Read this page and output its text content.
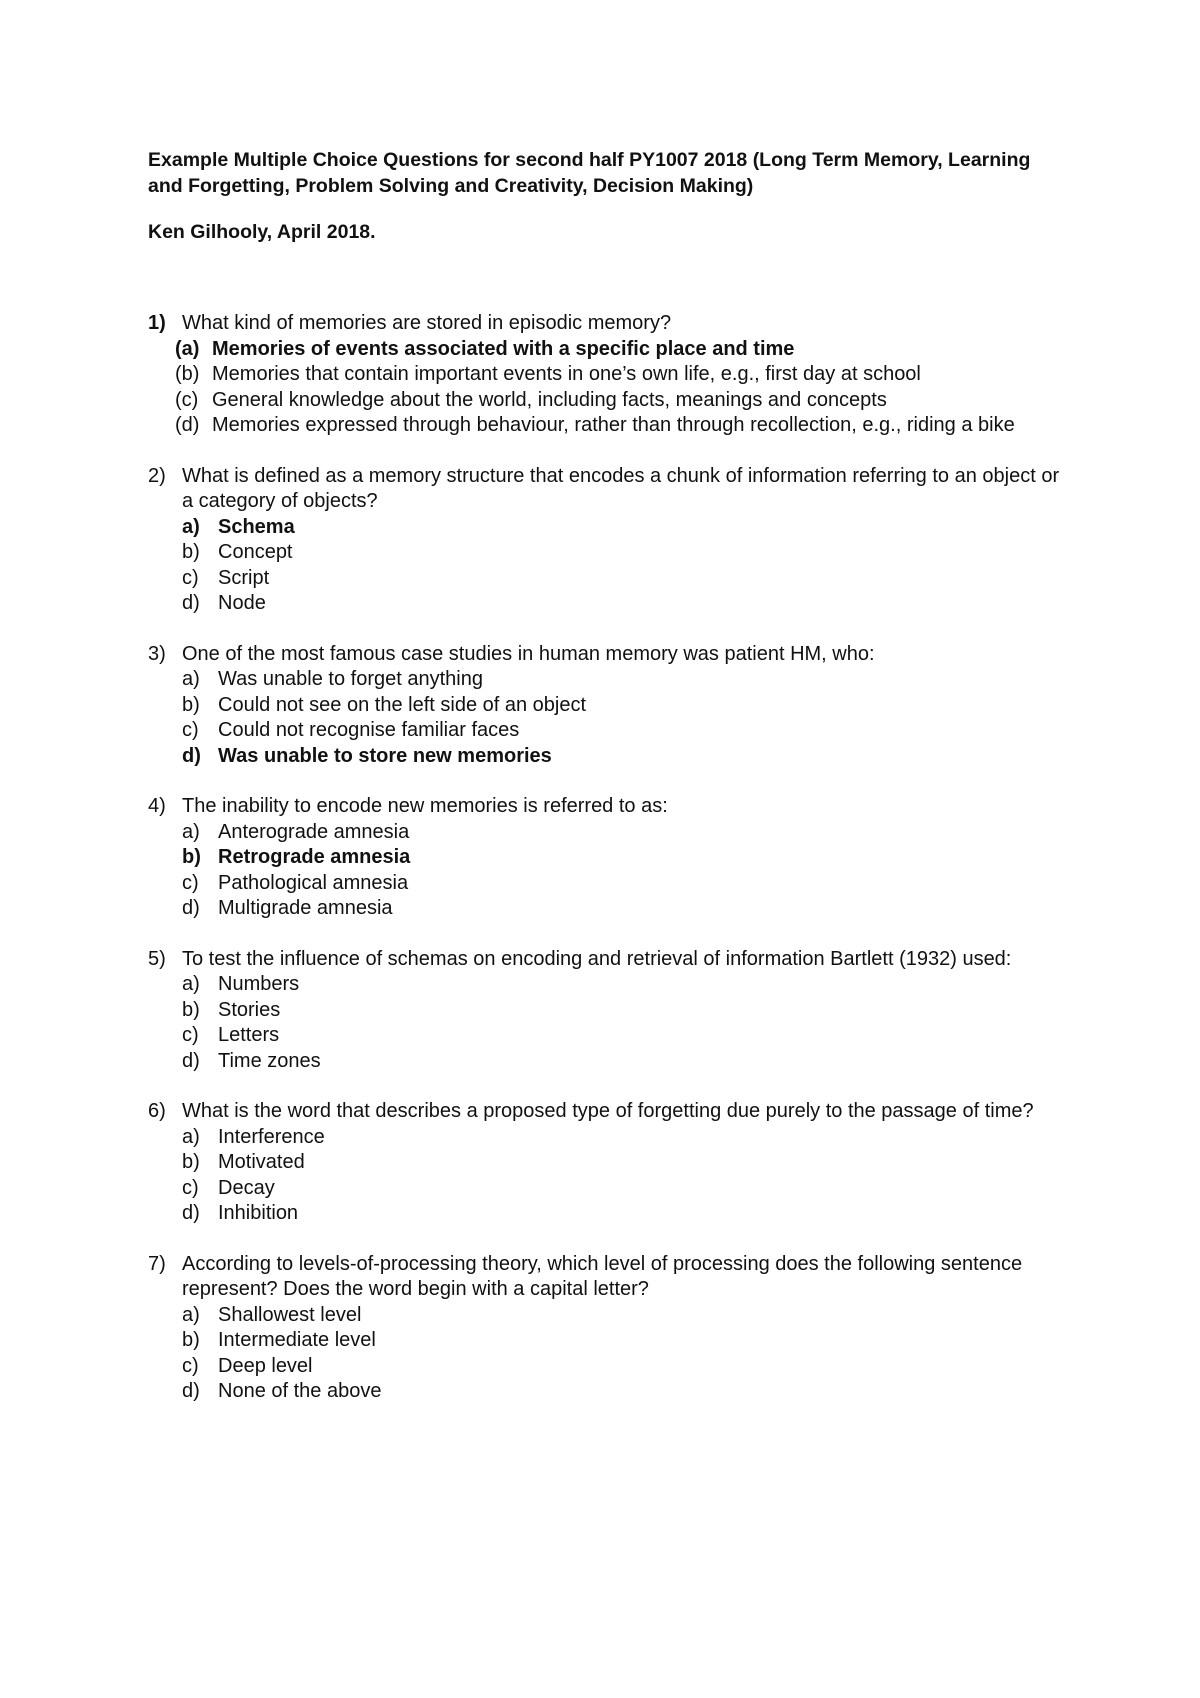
Example Multiple Choice Questions for second half PY1007 2018 (Long Term Memory, Learning and Forgetting, Problem Solving and Creativity, Decision Making)

Ken Gilhooly, April 2018.

1) What kind of memories are stored in episodic memory?
(a) Memories of events associated with a specific place and time
(b) Memories that contain important events in one’s own life, e.g., first day at school
(c) General knowledge about the world, including facts, meanings and concepts
(d) Memories expressed through behaviour, rather than through recollection, e.g., riding a bike
2) What is defined as a memory structure that encodes a chunk of information referring to an object or a category of objects?
a) Schema
b) Concept
c) Script
d) Node
3) One of the most famous case studies in human memory was patient HM, who:
a) Was unable to forget anything
b) Could not see on the left side of an object
c) Could not recognise familiar faces
d) Was unable to store new memories
4) The inability to encode new memories is referred to as:
a) Anterograde amnesia
b) Retrograde amnesia
c) Pathological amnesia
d) Multigrade amnesia
5) To test the influence of schemas on encoding and retrieval of information Bartlett (1932) used:
a) Numbers
b) Stories
c) Letters
d) Time zones
6) What is the word that describes a proposed type of forgetting due purely to the passage of time?
a) Interference
b) Motivated
c) Decay
d) Inhibition
7) According to levels-of-processing theory, which level of processing does the following sentence represent? Does the word begin with a capital letter?
a) Shallowest level
b) Intermediate level
c) Deep level
d) None of the above
